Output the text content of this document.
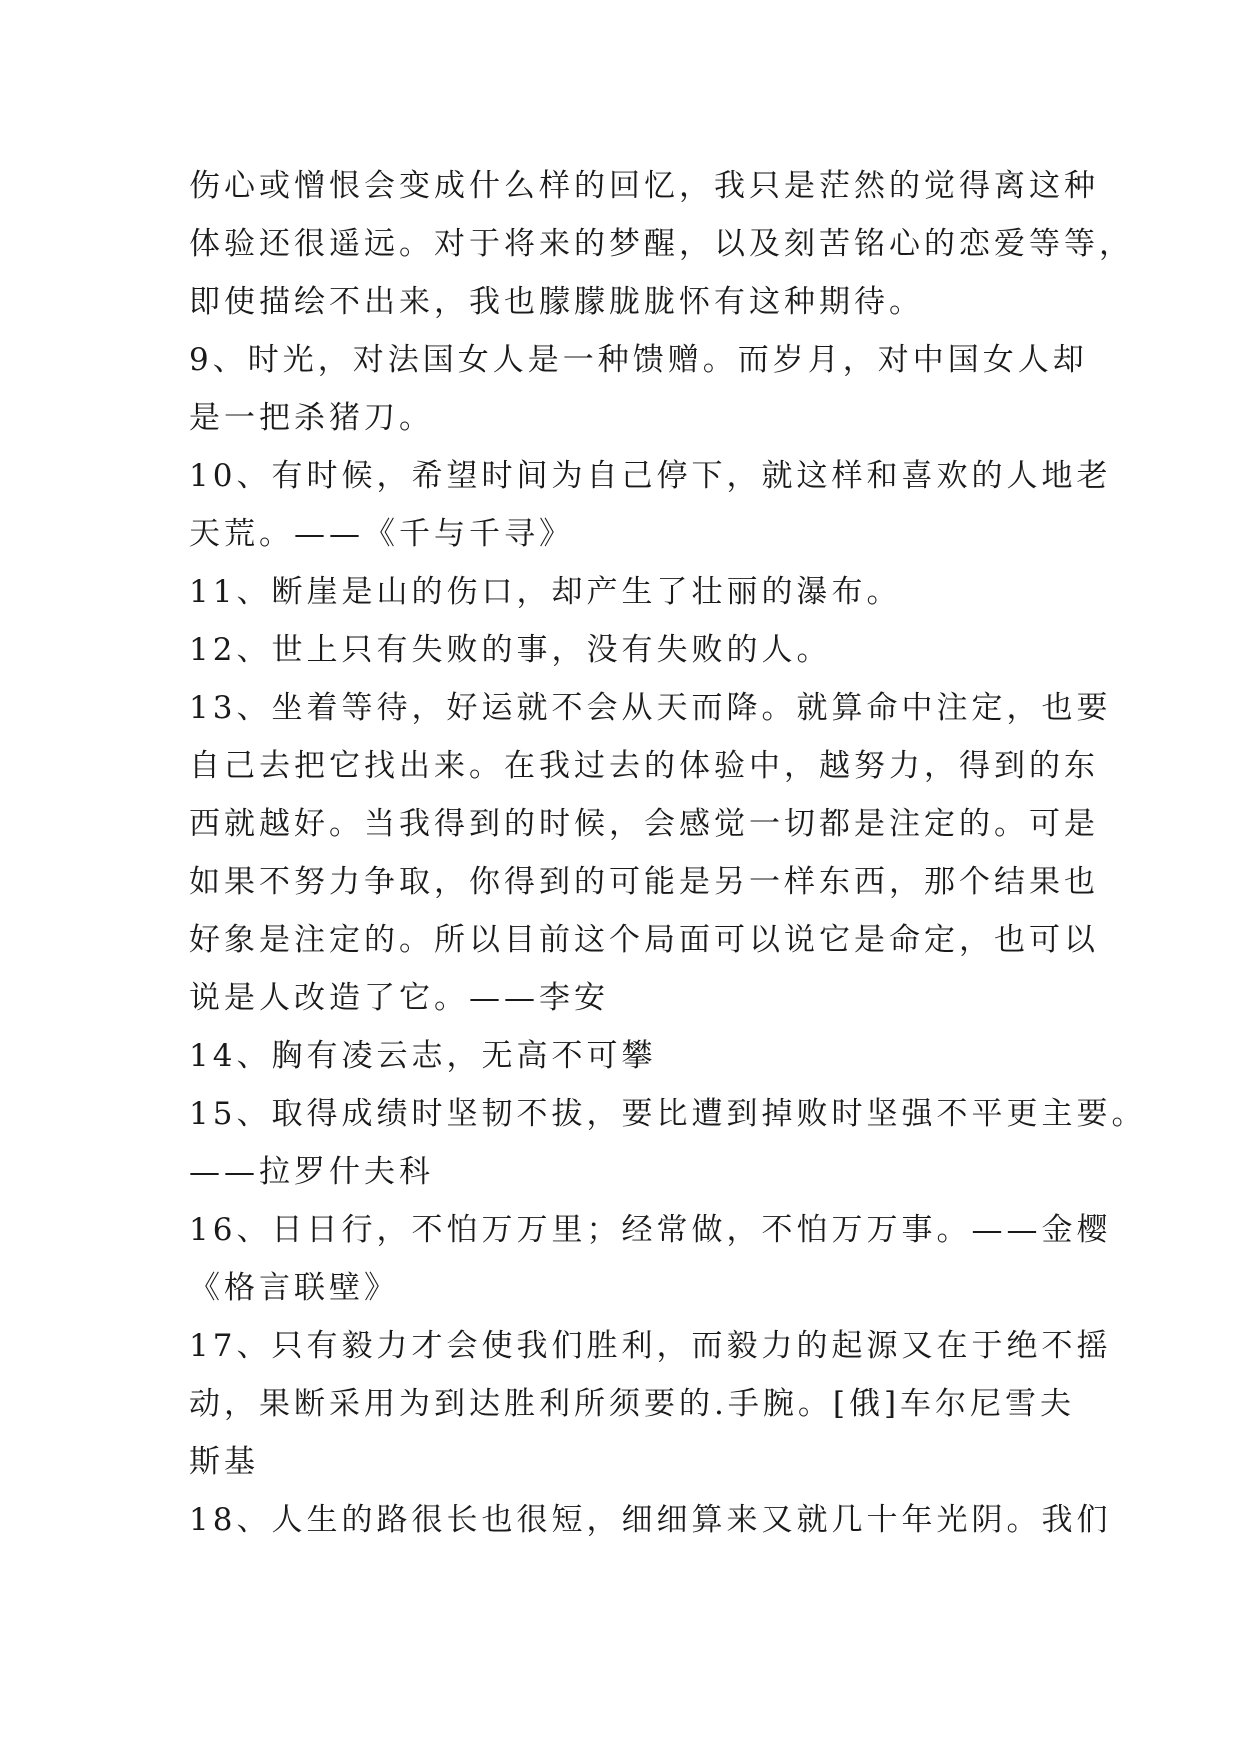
伤心或憎恨会变成什么样的回忆，我只是茫然的觉得离这种
体验还很遥远。对于将来的梦醒，以及刻苦铭心的恋爱等等，
即使描绘不出来，我也朦朦胧胧怀有这种期待。
9、时光，对法国女人是一种馈赠。而岁月，对中国女人却
是一把杀猪刀。
10、有时候，希望时间为自己停下，就这样和喜欢的人地老
天荒。——《千与千寻》
11、断崖是山的伤口，却产生了壮丽的瀑布。
12、世上只有失败的事，没有失败的人。
13、坐着等待，好运就不会从天而降。就算命中注定，也要
自己去把它找出来。在我过去的体验中，越努力，得到的东
西就越好。当我得到的时候，会感觉一切都是注定的。可是
如果不努力争取，你得到的可能是另一样东西，那个结果也
好象是注定的。所以目前这个局面可以说它是命定，也可以
说是人改造了它。——李安
14、胸有凌云志，无高不可攀
15、取得成绩时坚韧不拔，要比遭到掉败时坚强不平更主要。
——拉罗什夫科
16、日日行，不怕万万里；经常做，不怕万万事。——金樱
《格言联壁》
17、只有毅力才会使我们胜利，而毅力的起源又在于绝不摇
动，果断采用为到达胜利所须要的.手腕。[俄]车尔尼雪夫
斯基
18、人生的路很长也很短，细细算来又就几十年光阴。我们
